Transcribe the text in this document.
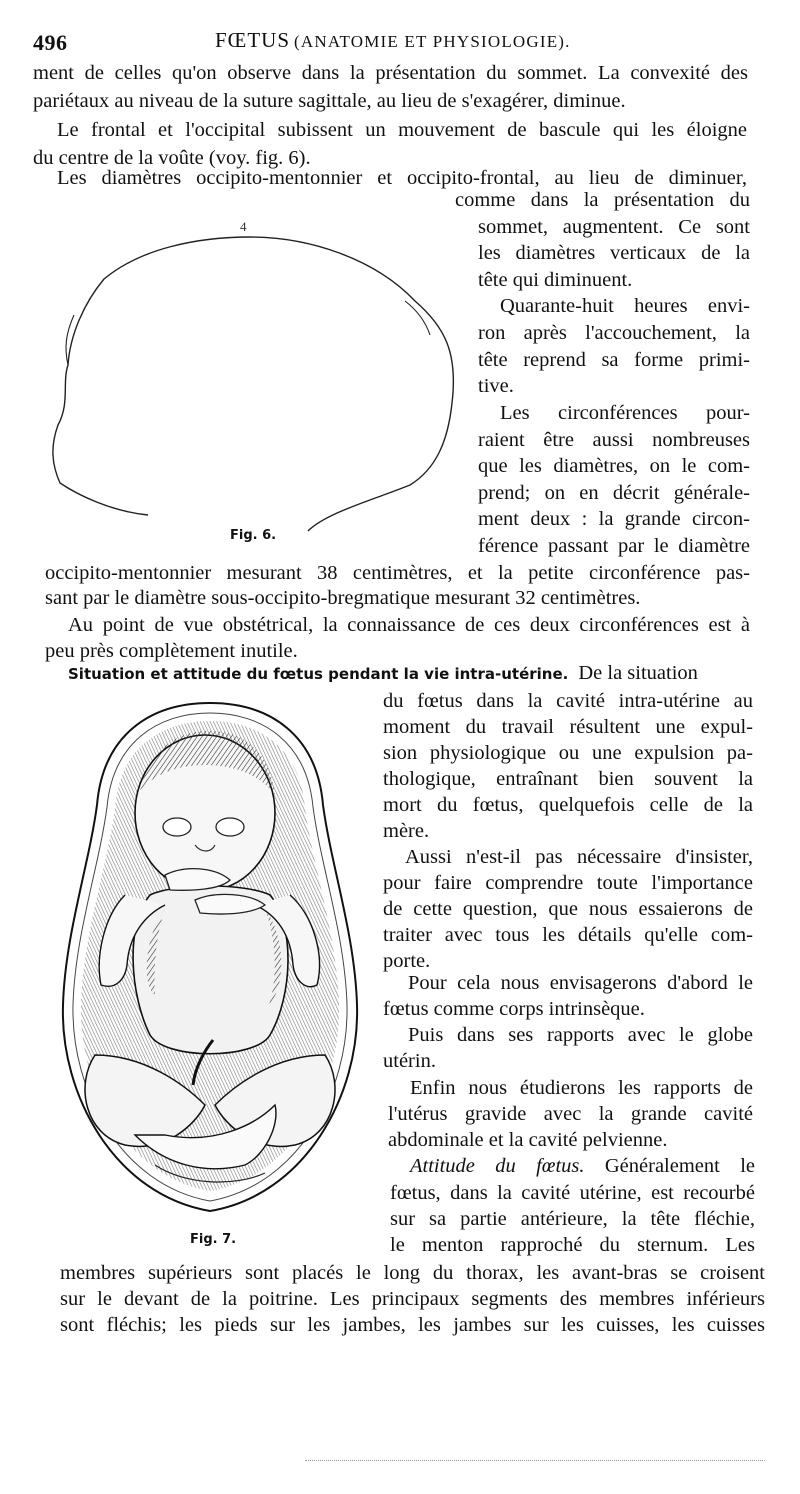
496	FŒTUS (ANATOMIE ET PHYSIOLOGIE).
ment de celles qu'on observe dans la présentation du sommet. La convexité des
pariétaux au niveau de la suture sagittale, au lieu de s'exagérer, diminue.
Le frontal et l'occipital subissent un mouvement de bascule qui les éloigne
du centre de la voûte (voy. fig. 6).
Les diamètres occipito-mentonnier et occipito-frontal, au lieu de diminuer,
4
Fig. 6.
comme dans la présentation du
sommet, augmentent. Ce sont
les diamètres verticaux de la
tête qui diminuent.
Quarante-huit heures envi-
ron après l'accouchement, la
tête reprend sa forme primi-
tive.
Les circonférences pour-
raient être aussi nombreuses
que les diamètres, on le com-
prend; on en décrit générale-
ment deux : la grande circon-
férence passant par le diamètre
occipito-mentonnier mesurant 38 centimètres, et la petite circonférence pas-
sant par le diamètre sous-occipito-bregmatique mesurant 32 centimètres.
Au point de vue obstétrical, la connaissance de ces deux circonférences est à
peu près complètement inutile.
Situation et attitude du fœtus pendant la vie intra-utérine. De la situation
Fig. 7.
du fœtus dans la cavité intra-utérine au
moment du travail résultent une expul-
sion physiologique ou une expulsion pa-
thologique, entraînant bien souvent la
mort du fœtus, quelquefois celle de la
mère.
Aussi n'est-il pas nécessaire d'insister,
pour faire comprendre toute l'importance
de cette question, que nous essaierons de
traiter avec tous les détails qu'elle com-
porte.
Pour cela nous envisagerons d'abord le
fœtus comme corps intrinsèque.
Puis dans ses rapports avec le globe
utérin.
Enfin nous étudierons les rapports de
l'utérus gravide avec la grande cavité
abdominale et la cavité pelvienne.
Attitude du fœtus. Généralement le
fœtus, dans la cavité utérine, est recourbé
sur sa partie antérieure, la tête fléchie,
le menton rapproché du sternum. Les
membres supérieurs sont placés le long du thorax, les avant-bras se croisent
sur le devant de la poitrine. Les principaux segments des membres inférieurs
sont fléchis; les pieds sur les jambes, les jambes sur les cuisses, les cuisses
